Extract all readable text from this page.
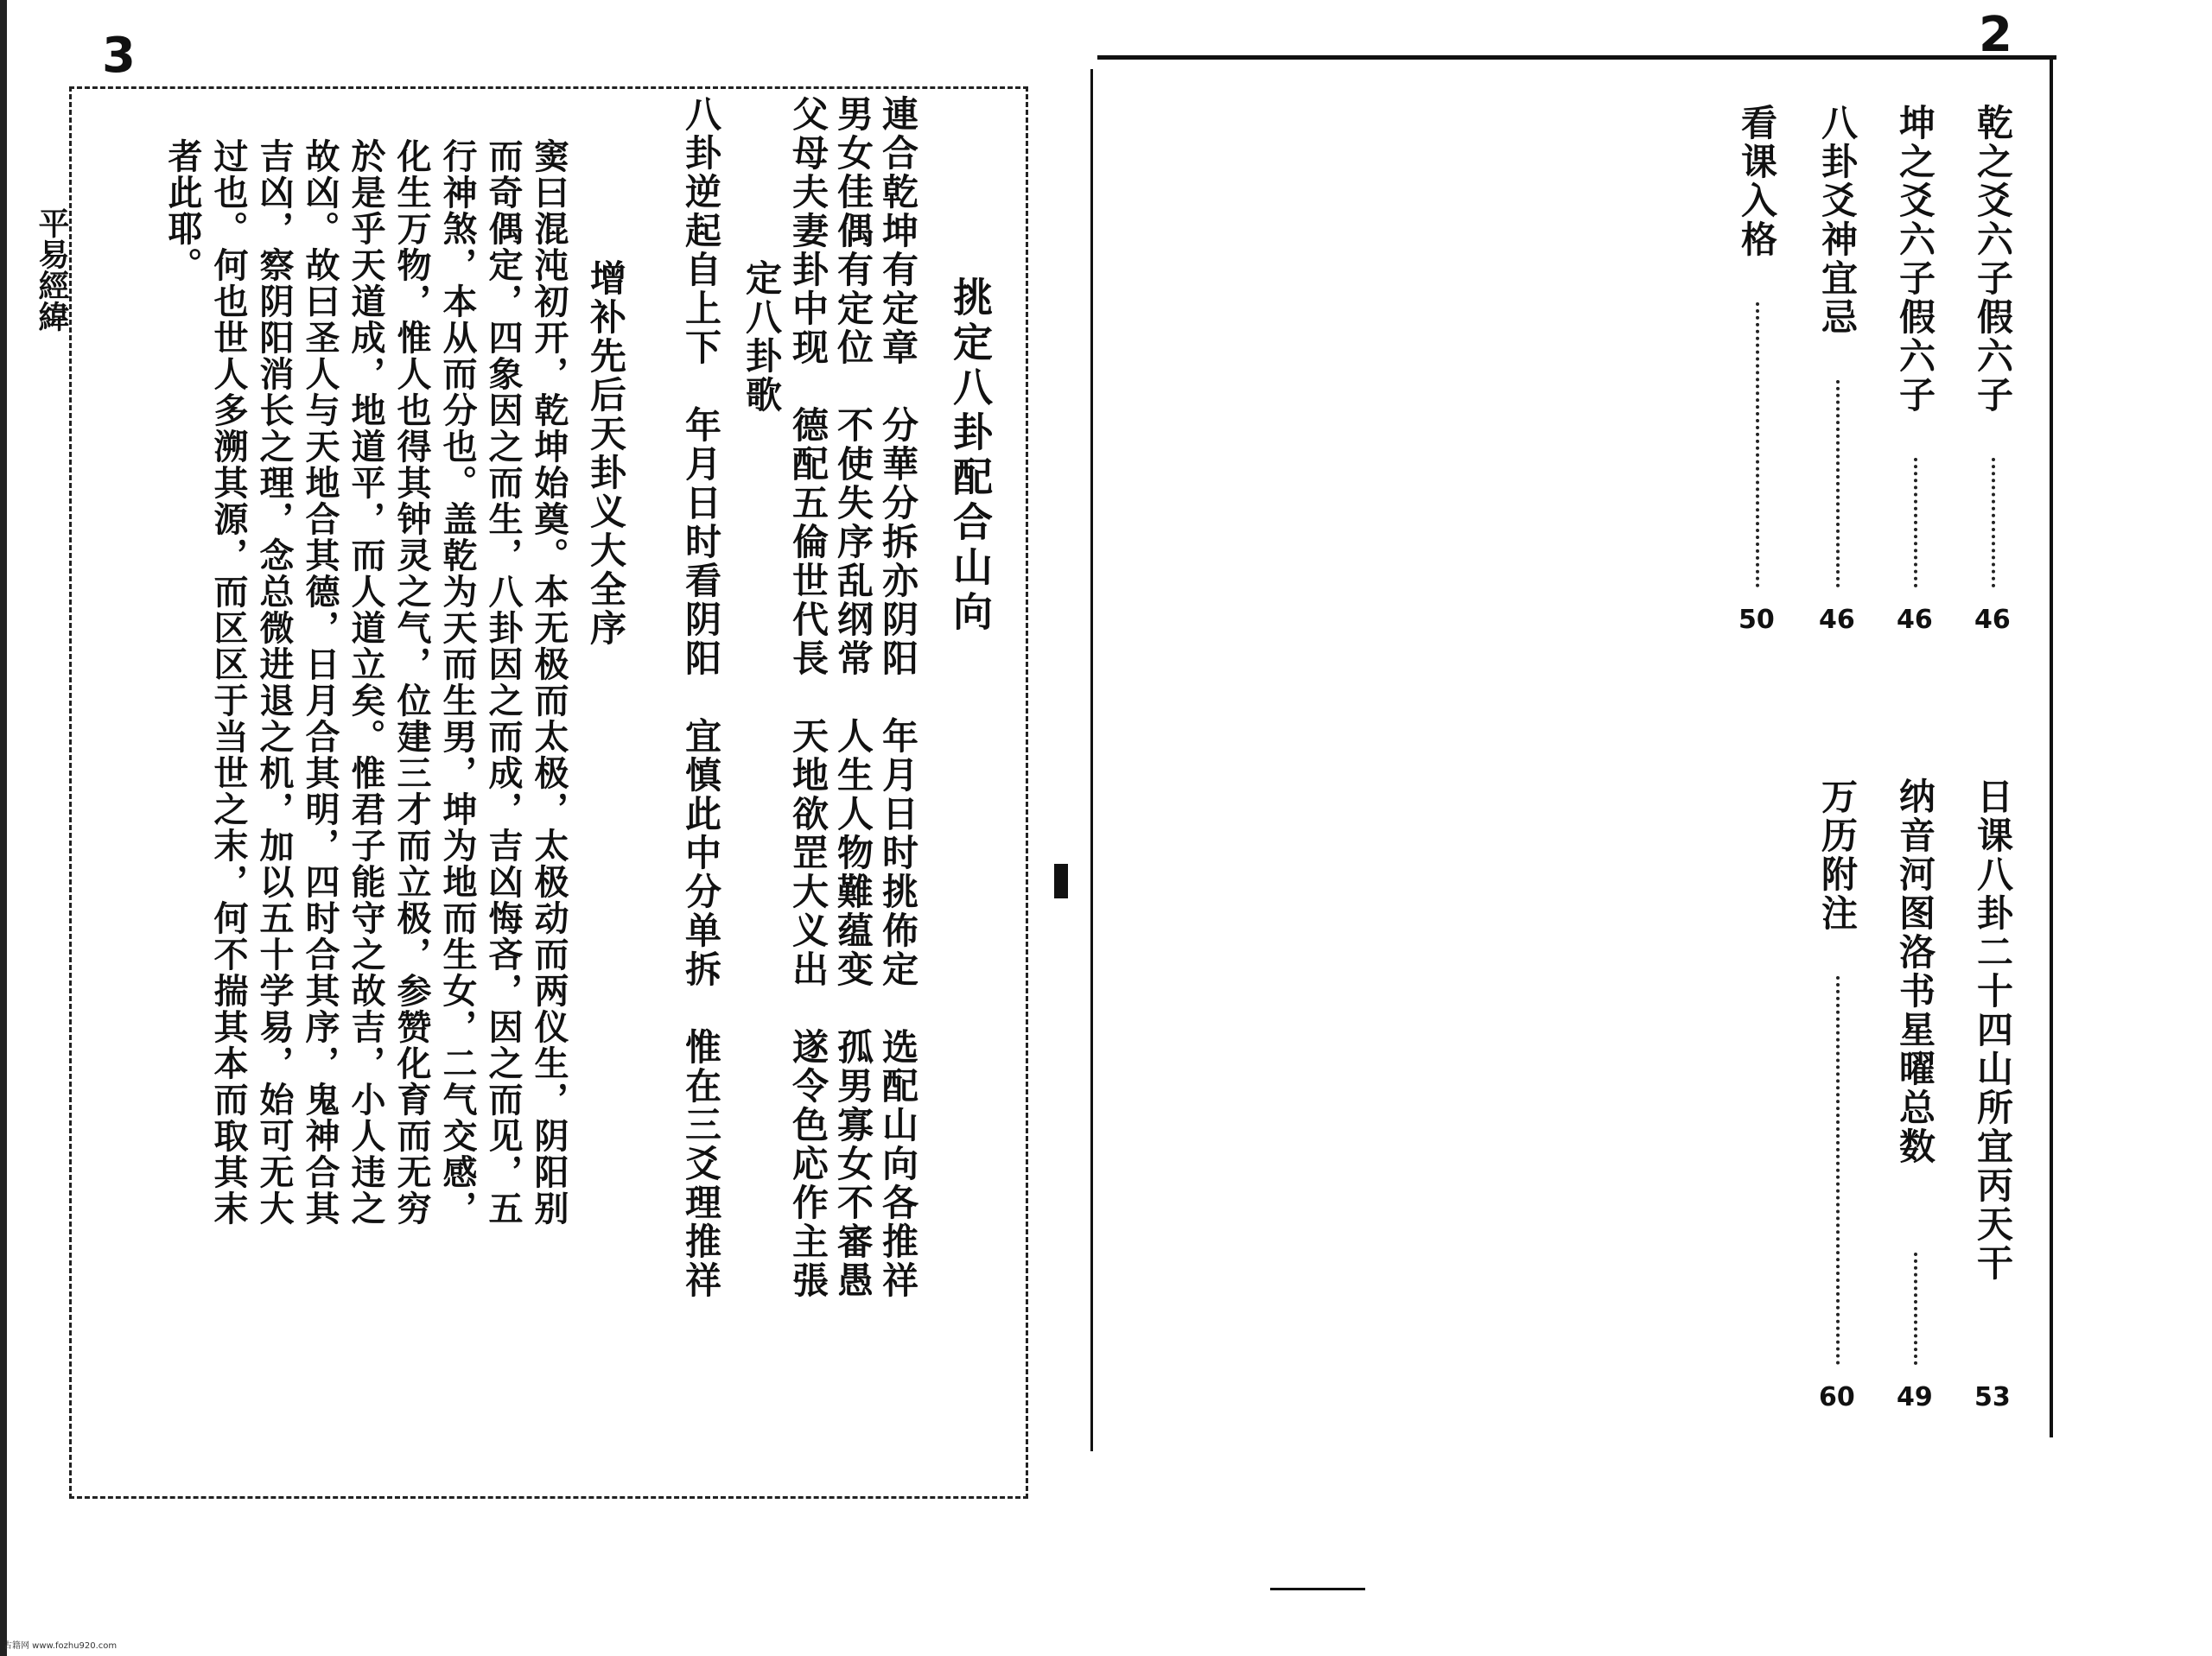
3
平易經緯
挑定八卦配合山向
連合乾坤有定章　分華分拆亦阴阳　年月日时挑佈定　选配山向各推祥
男女佳偶有定位　不使失序乱纲常　人生人物難蕴变　孤男寡女不審愚
父母夫妻卦中现　德配五倫世代長　天地欲罡大义出　遂令色応作主張
定八卦歌
八卦逆起自上下　年月日时看阴阳　宜慎此中分单拆　惟在三爻理推祥
增补先后天卦义大全序
窦曰混沌初开，乾坤始奠。本无极而太极，太极动而两仪生，阴阳别
而奇偶定，四象因之而生，八卦因之而成，吉凶悔吝，因之而见，五
行神煞，本从而分也。盖乾为天而生男，坤为地而生女，二气交感，
化生万物，惟人也得其钟灵之气，位建三才而立极，参赞化育而无穷
於是乎天道成，地道平，而人道立矣。惟君子能守之故吉，小人违之
故凶。故曰圣人与天地合其德，日月合其明，四时合其序，鬼神合其
吉凶，察阴阳消长之理，念总微进退之机，加以五十学易，始可无大
过也。何也世人多溯其源，而区区于当世之末，何不揣其本而取其末
者此耶。
2
乾之爻六子假六子
46
坤之爻六子假六子
46
八卦爻神宜忌
46
看课入格
50
日课八卦二十四山所宜丙天干
53
纳音河图洛书星曜总数
49
万历附注
60
古籍网 www.fozhu920.com
